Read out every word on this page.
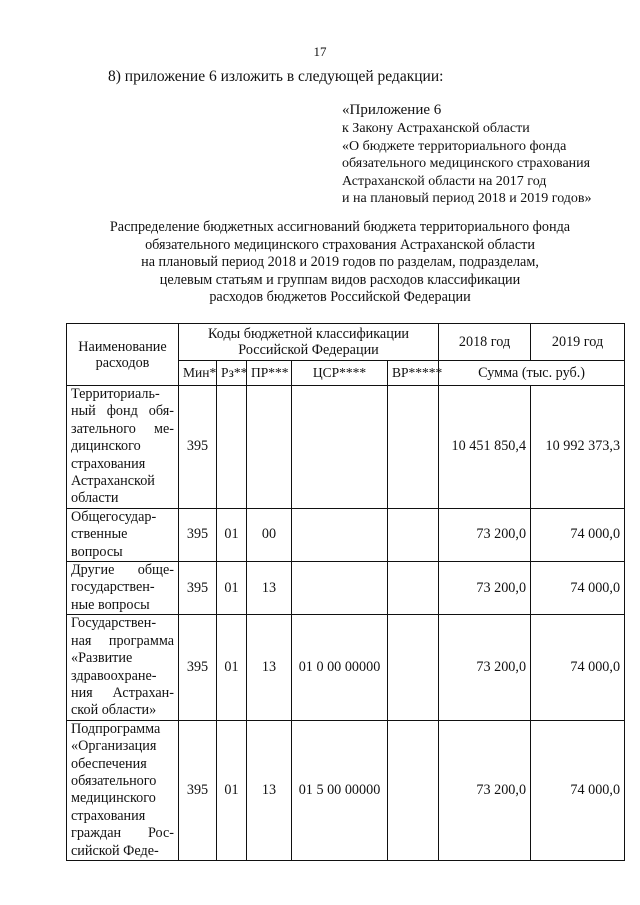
17
8) приложение 6 изложить в следующей редакции:
«Приложение 6
к Закону Астраханской области
«О бюджете территориального фонда
обязательного медицинского страхования
Астраханской области на 2017 год
и на плановый период 2018 и 2019 годов»
Распределение бюджетных ассигнований бюджета территориального фонда
обязательного медицинского страхования Астраханской области
на плановый период 2018 и 2019 годов по разделам, подразделам,
целевым статьям и группам видов расходов классификации
расходов бюджетов Российской Федерации
Наименование расходов	Коды бюджетной классификации Российской Федерации					2018 год	2019 год
	Мин*	Рз**	ПР***	ЦСР****	ВР*****	Сумма (тыс. руб.)	
Территориаль-ный фонд обя-зательного ме-дицинского страхования Астраханской области	395					10 451 850,4	10 992 373,3
Общегосудар-ственные вопросы	395	01	00			73 200,0	74 000,0
Другие обще-государствен-ные вопросы	395	01	13			73 200,0	74 000,0
Государствен-ная программа «Развитие здравоохране-ния Астрахан-ской области»	395	01	13	01 0 00 00000		73 200,0	74 000,0
Подпрограмма «Организация обеспечения обязательного медицинского страхования граждан Рос-сийской Феде-	395	01	13	01 5 00 00000		73 200,0	74 000,0
